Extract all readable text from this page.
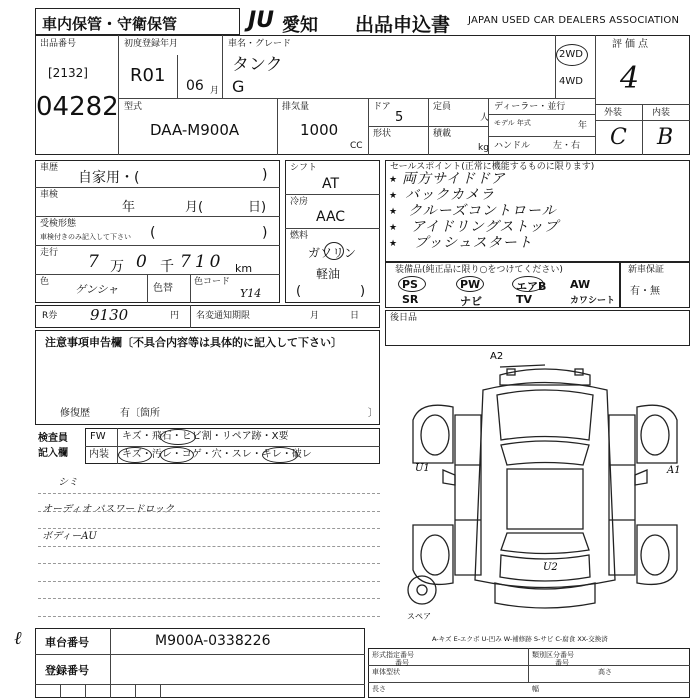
車内保管・守衛保管	JU 愛知 出品申込書 JAPAN USED CAR DEALERS ASSOCIATION
出品番号
[2132]
04282
初度登録年月
R01 06 月
車名・グレード
タンク
G
2WD
4WD
評価点
4
外装	内装
C B
型式
DAA-M900A
排気量
1000
CC
ドア
5
定員
人
形状	積載
kg
ディーラー・並行
モデル 年式	年
ハンドル	左・右
車歴
自家用・(	)
車検
年	月(	日)
受検形態
車検付きのみ記入して下さい (	)
走行 7 万 0 千 710 km
色
ゲンシャ	色替
色コード
Y14
シフト
AT
冷房
AAC
燃料
ガソリン
軽油
(	)
R券 9130	円 名変通知期限	月	日
セールスポイント(正常に機能するものに限ります)
★ 両方サイドドア
★ バックカメラ
★ クルーズコントロール
★ アイドリングストップ
★ プッシュスタート
装備品(純正品に限り○をつけてください)
PS	PW	エアB AW
SR	ナビ	TV	カワシート
新車保証
有・無
後日品
注意事項申告欄〔不具合内容等は具体的に記入して下さい〕
修復歴	有〔箇所	〕
検査員
記入欄
FW キズ・飛石・ヒビ割・リペア跡・X要
内装 キズ・汚レ・コゲ・穴・スレ・キレ・破レ
シミ
オーディオ パスワードロック
ボディーAU
A2
U1	A1
U2
スペア
A-キズ E-エクボ U-凹み W-補修跡 S-サビ C-腐食 XX-交換済
ℓ 車台番号	M900A-0338226
登録番号
形式指定番号
番号
類別区分番号
番号
車体型状	高さ
長さ	幅
